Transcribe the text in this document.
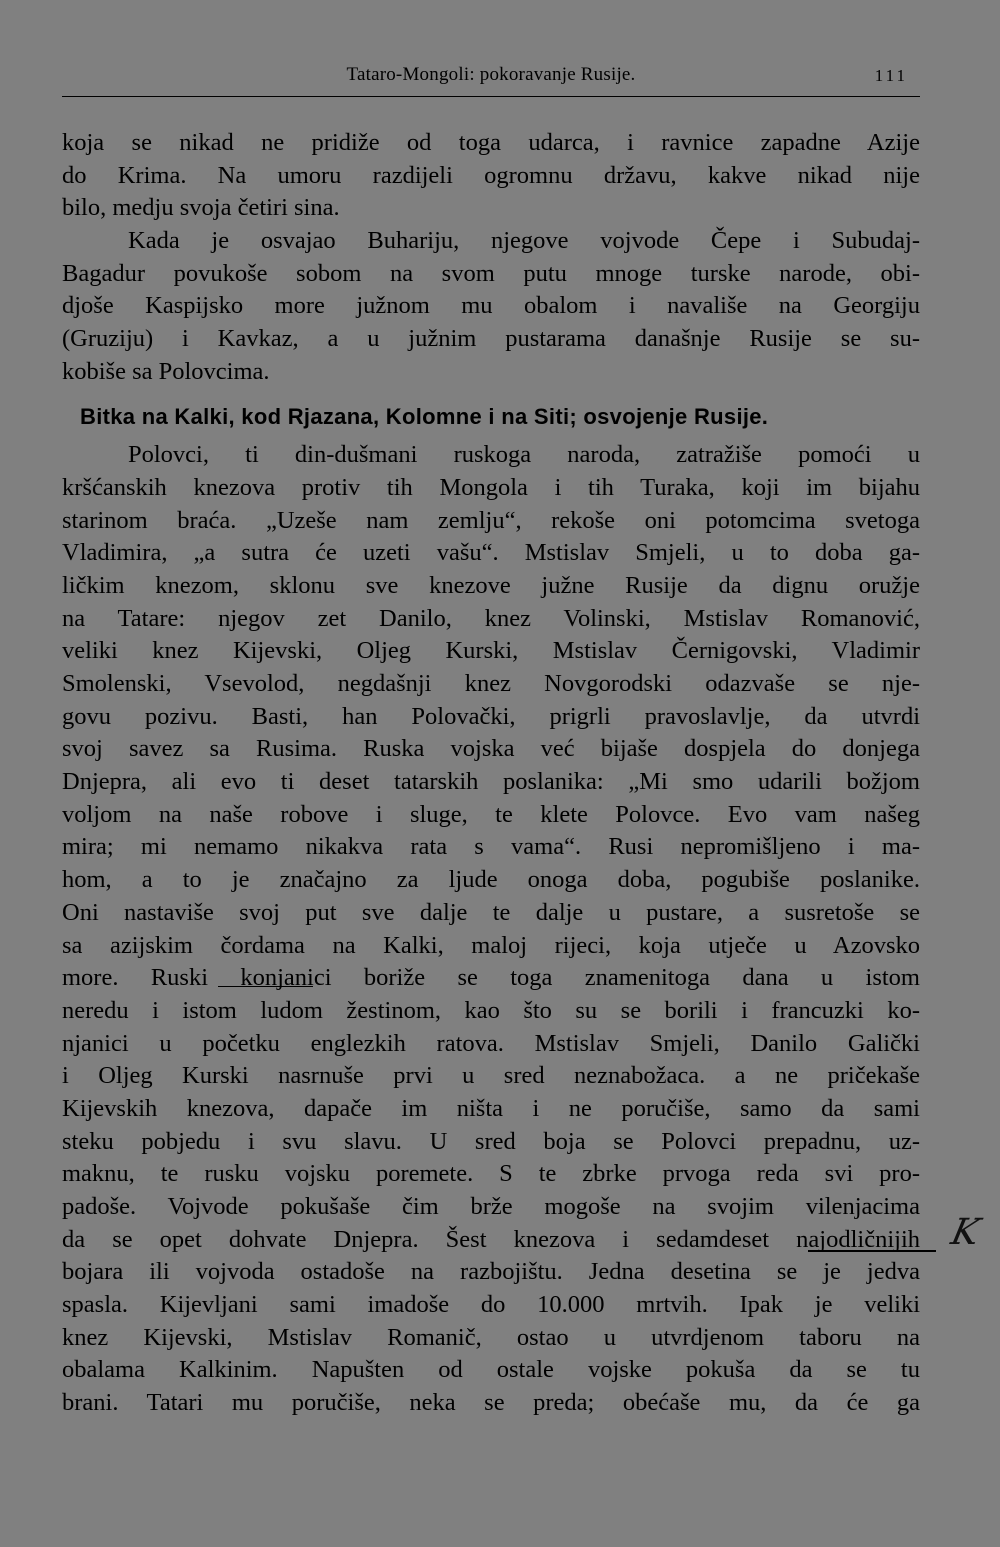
Tataro-Mongoli: pokoravanje Rusije.	111
koja se nikad ne pridiže od toga udarca, i ravnice zapadne Azije
do Krima. Na umoru razdijeli ogromnu državu, kakve nikad nije
bilo, medju svoja četiri sina.
Kada je osvajao Buhariju, njegove vojvode Čepe i Subudaj-
Bagadur povukoše sobom na svom putu mnoge turske narode, obi-
djoše Kaspijsko more južnom mu obalom i navališe na Georgiju
(Gruziju) i Kavkaz, a u južnim pustarama današnje Rusije se su-
kobiše sa Polovcima.
Bitka na Kalki, kod Rjazana, Kolomne i na Siti; osvojenje Rusije.
Polovci, ti din-dušmani ruskoga naroda, zatražiše pomoći u
kršćanskih knezova protiv tih Mongola i tih Turaka, koji im bijahu
starinom braća. „Uzeše nam zemlju“, rekoše oni potomcima svetoga
Vladimira, „a sutra će uzeti vašu“. Mstislav Smjeli, u to doba ga-
ličkim knezom, sklonu sve knezove južne Rusije da dignu oružje
na Tatare: njegov zet Danilo, knez Volinski, Mstislav Romanović,
veliki knez Kijevski, Oljeg Kurski, Mstislav Černigovski, Vladimir
Smolenski, Vsevolod, negdašnji knez Novgorodski odazvaše se nje-
govu pozivu. Basti, han Polovački, prigrli pravoslavlje, da utvrdi
svoj savez sa Rusima. Ruska vojska već bijaše dospjela do donjega
Dnjepra, ali evo ti deset tatarskih poslanika: „Mi smo udarili božjom
voljom na naše robove i sluge, te klete Polovce. Evo vam našeg
mira; mi nemamo nikakva rata s vama“. Rusi nepromišljeno i ma-
hom, a to je značajno za ljude onoga doba, pogubiše poslanike.
Oni nastaviše svoj put sve dalje te dalje u pustare, a susretoše se
sa azijskim čordama na Kalki, maloj rijeci, koja utječe u Azovsko
more. Ruski konjanici boriže se toga znamenitoga dana u istom
neredu i istom ludom žestinom, kao što su se borili i francuzki ko-
njanici u početku englezkih ratova. Mstislav Smjeli, Danilo Galički
i Oljeg Kurski nasrnuše prvi u sred neznabožaca. a ne pričekaše
Kijevskih knezova, dapače im ništa i ne poručiše, samo da sami
steku pobjedu i svu slavu. U sred boja se Polovci prepadnu, uz-
maknu, te rusku vojsku poremete. S te zbrke prvoga reda svi pro-
padoše. Vojvode pokušaše čim brže mogoše na svojim vilenjacima
da se opet dohvate Dnjepra. Šest knezova i sedamdeset najodličnijih
bojara ili vojvoda ostadoše na razbojištu. Jedna desetina se je jedva
spasla. Kijevljani sami imadoše do 10.000 mrtvih. Ipak je veliki
knez Kijevski, Mstislav Romanič, ostao u utvrdjenom taboru na
obalama Kalkinim. Napušten od ostale vojske pokuša da se tu
brani. Tatari mu poručiše, neka se preda; obećaše mu, da će ga
K
